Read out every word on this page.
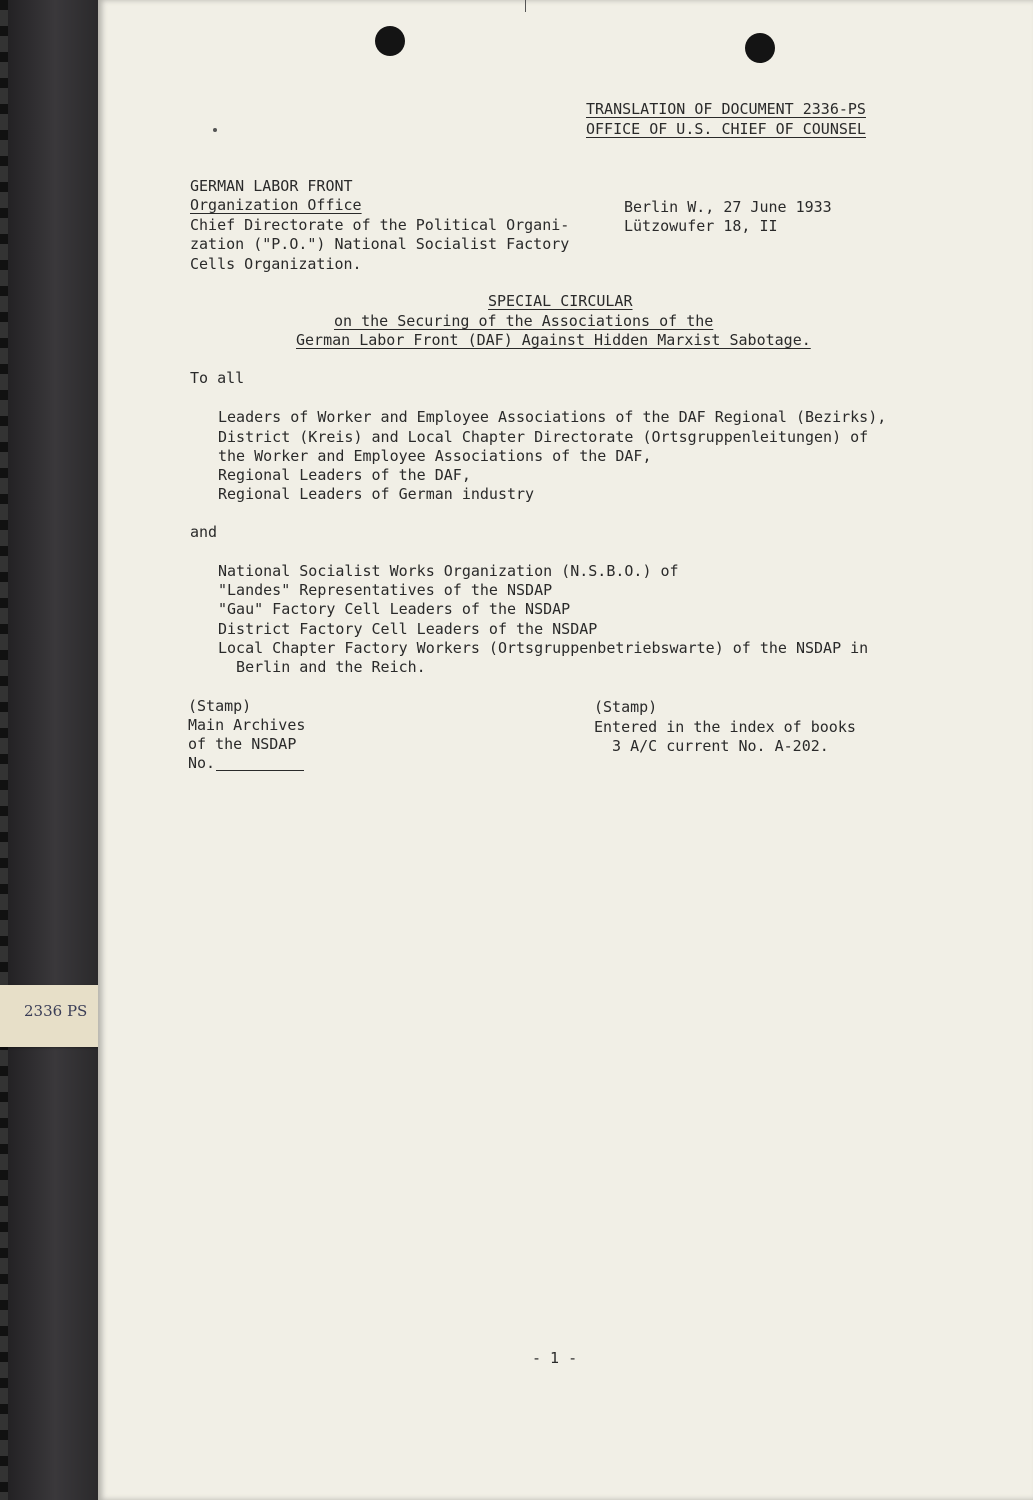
2336 PS
TRANSLATION OF DOCUMENT 2336-PS
OFFICE OF U.S. CHIEF OF COUNSEL
GERMAN LABOR FRONT
Organization Office
Chief Directorate of the Political Organi-
zation ("P.O.") National Socialist Factory
Cells Organization.
Berlin W., 27 June 1933
Lützowufer 18, II
SPECIAL CIRCULAR
on the Securing of the Associations of the
German Labor Front (DAF) Against Hidden Marxist Sabotage.
To all
Leaders of Worker and Employee Associations of the DAF Regional (Bezirks),
District (Kreis) and Local Chapter Directorate (Ortsgruppenleitungen) of
the Worker and Employee Associations of the DAF,
Regional Leaders of the DAF,
Regional Leaders of German industry
and
National Socialist Works Organization (N.S.B.O.) of
"Landes" Representatives of the NSDAP
"Gau" Factory Cell Leaders of the NSDAP
District Factory Cell Leaders of the NSDAP
Local Chapter Factory Workers (Ortsgruppenbetriebswarte) of the NSDAP in
Berlin and the Reich.
(Stamp)
Main Archives
of the NSDAP
No.
(Stamp)
Entered in the index of books
3 A/C current No. A-202.
- 1 -
